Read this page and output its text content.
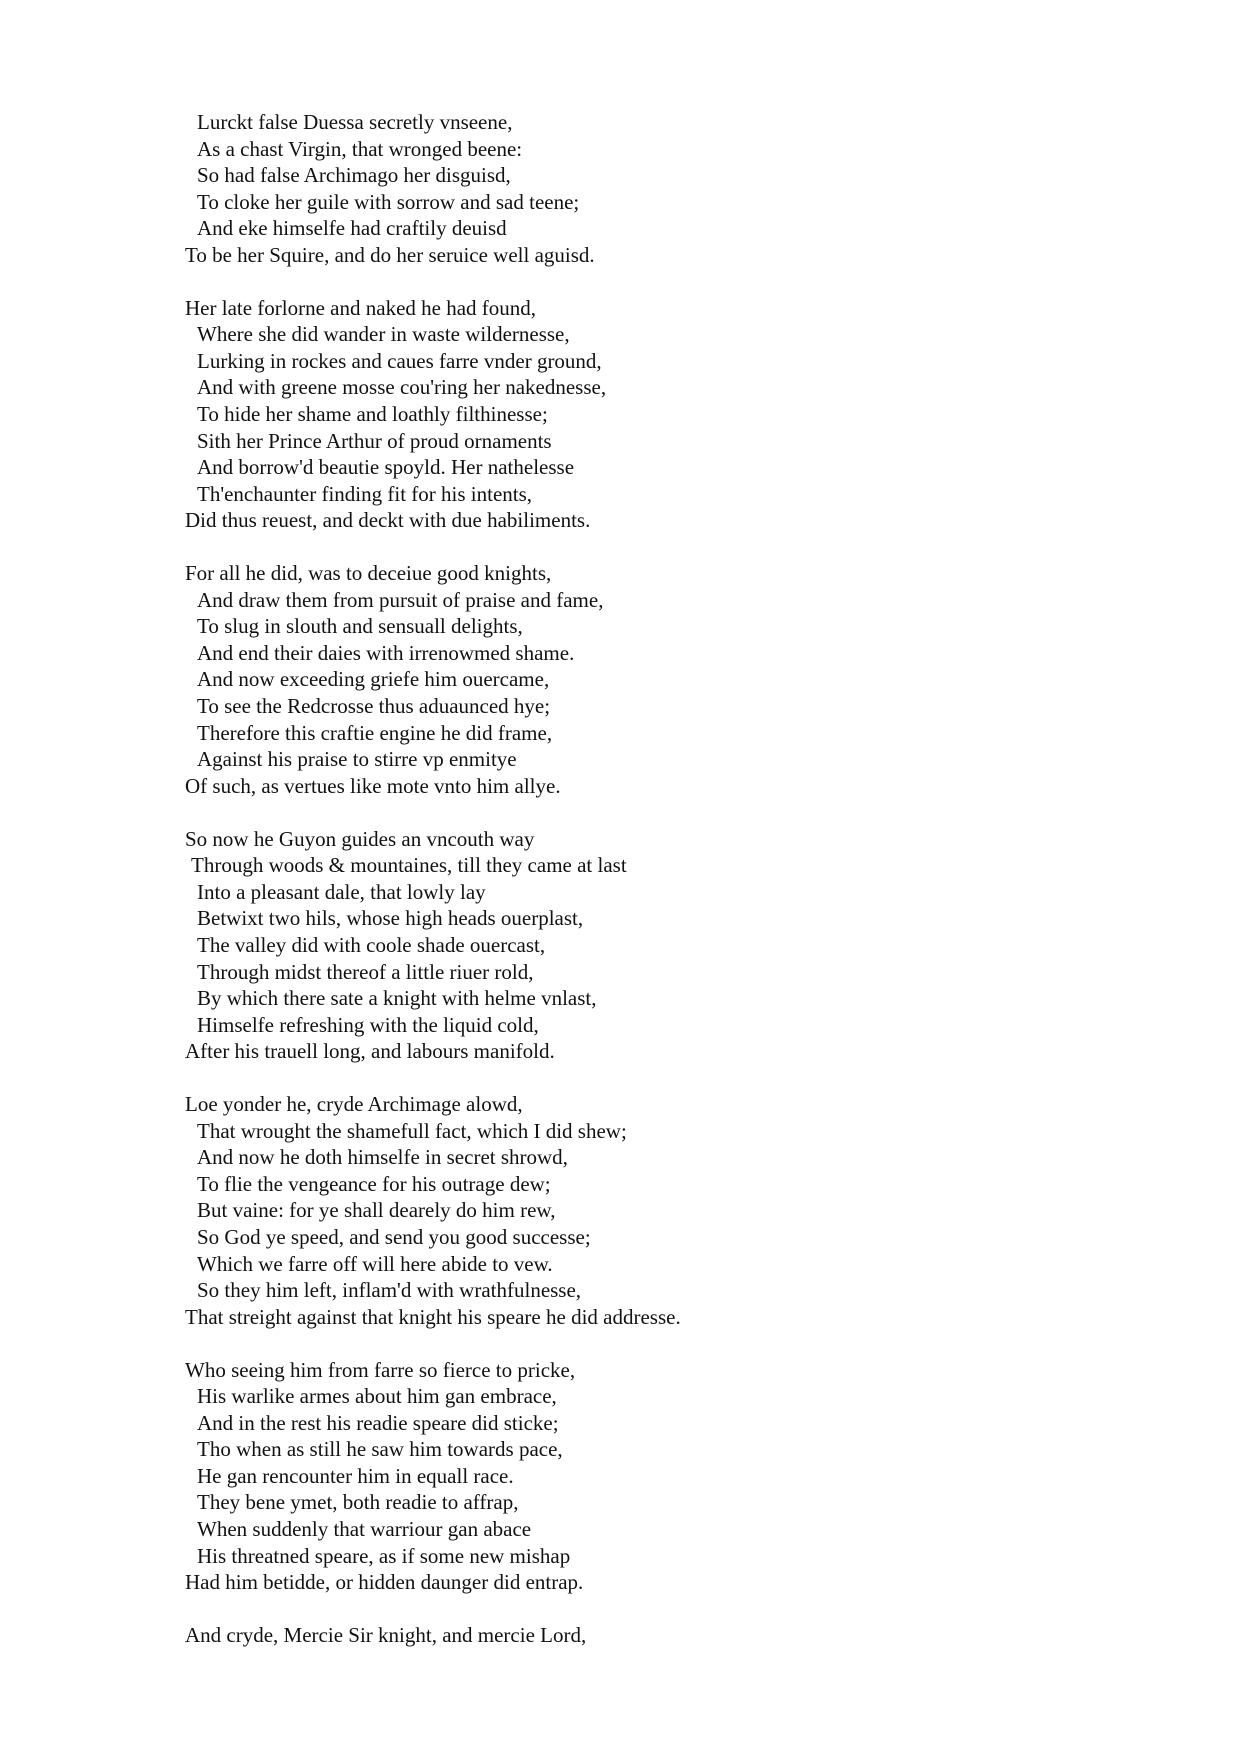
Lurckt false Duessa secretly vnseene,
As a chast Virgin, that wronged beene:
So had false Archimago her disguisd,
To cloke her guile with sorrow and sad teene;
And eke himselfe had craftily deuisd
To be her Squire, and do her seruice well aguisd.
Her late forlorne and naked he had found,
Where she did wander in waste wildernesse,
Lurking in rockes and caues farre vnder ground,
And with greene mosse cou'ring her nakednesse,
To hide her shame and loathly filthinesse;
Sith her Prince Arthur of proud ornaments
And borrow'd beautie spoyld. Her nathelesse
Th'enchaunter finding fit for his intents,
Did thus reuest, and deckt with due habiliments.
For all he did, was to deceiue good knights,
And draw them from pursuit of praise and fame,
To slug in slouth and sensuall delights,
And end their daies with irrenowmed shame.
And now exceeding griefe him ouercame,
To see the Redcrosse thus aduaunced hye;
Therefore this craftie engine he did frame,
Against his praise to stirre vp enmitye
Of such, as vertues like mote vnto him allye.
So now he Guyon guides an vncouth way
Through woods & mountaines, till they came at last
Into a pleasant dale, that lowly lay
Betwixt two hils, whose high heads ouerplast,
The valley did with coole shade ouercast,
Through midst thereof a little riuer rold,
By which there sate a knight with helme vnlast,
Himselfe refreshing with the liquid cold,
After his trauell long, and labours manifold.
Loe yonder he, cryde Archimage alowd,
That wrought the shamefull fact, which I did shew;
And now he doth himselfe in secret shrowd,
To flie the vengeance for his outrage dew;
But vaine: for ye shall dearely do him rew,
So God ye speed, and send you good successe;
Which we farre off will here abide to vew.
So they him left, inflam'd with wrathfulnesse,
That streight against that knight his speare he did addresse.
Who seeing him from farre so fierce to pricke,
His warlike armes about him gan embrace,
And in the rest his readie speare did sticke;
Tho when as still he saw him towards pace,
He gan rencounter him in equall race.
They bene ymet, both readie to affrap,
When suddenly that warriour gan abace
His threatned speare, as if some new mishap
Had him betidde, or hidden daunger did entrap.
And cryde, Mercie Sir knight, and mercie Lord,
